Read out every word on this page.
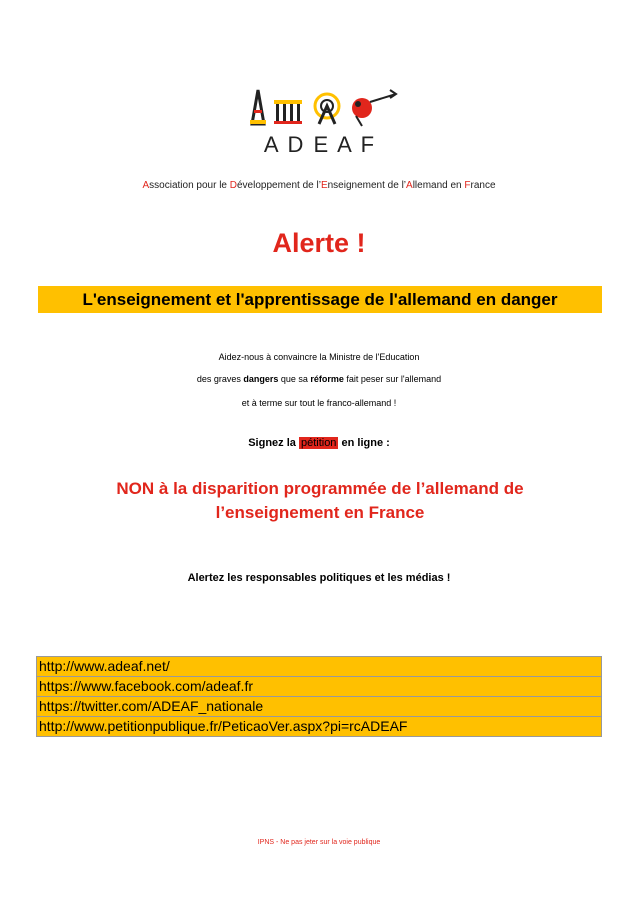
A D E A F
Association pour le Développement de l’Enseignement de l’Allemand en France
Alerte !
L'enseignement et l'apprentissage de l'allemand en danger
Aidez-nous à convaincre la Ministre de l'Education
des graves dangers que sa réforme fait peser sur l'allemand
et à terme sur tout le franco-allemand !
Signez la pétition en ligne :
NON à la disparition programmée de l’allemand de l’enseignement en France
Alertez les responsables politiques et les médias !
http://www.adeaf.net/
https://www.facebook.com/adeaf.fr
https://twitter.com/ADEAF_nationale
http://www.petitionpublique.fr/PeticaoVer.aspx?pi=rcADEAF
IPNS - Ne pas jeter sur la voie publique
